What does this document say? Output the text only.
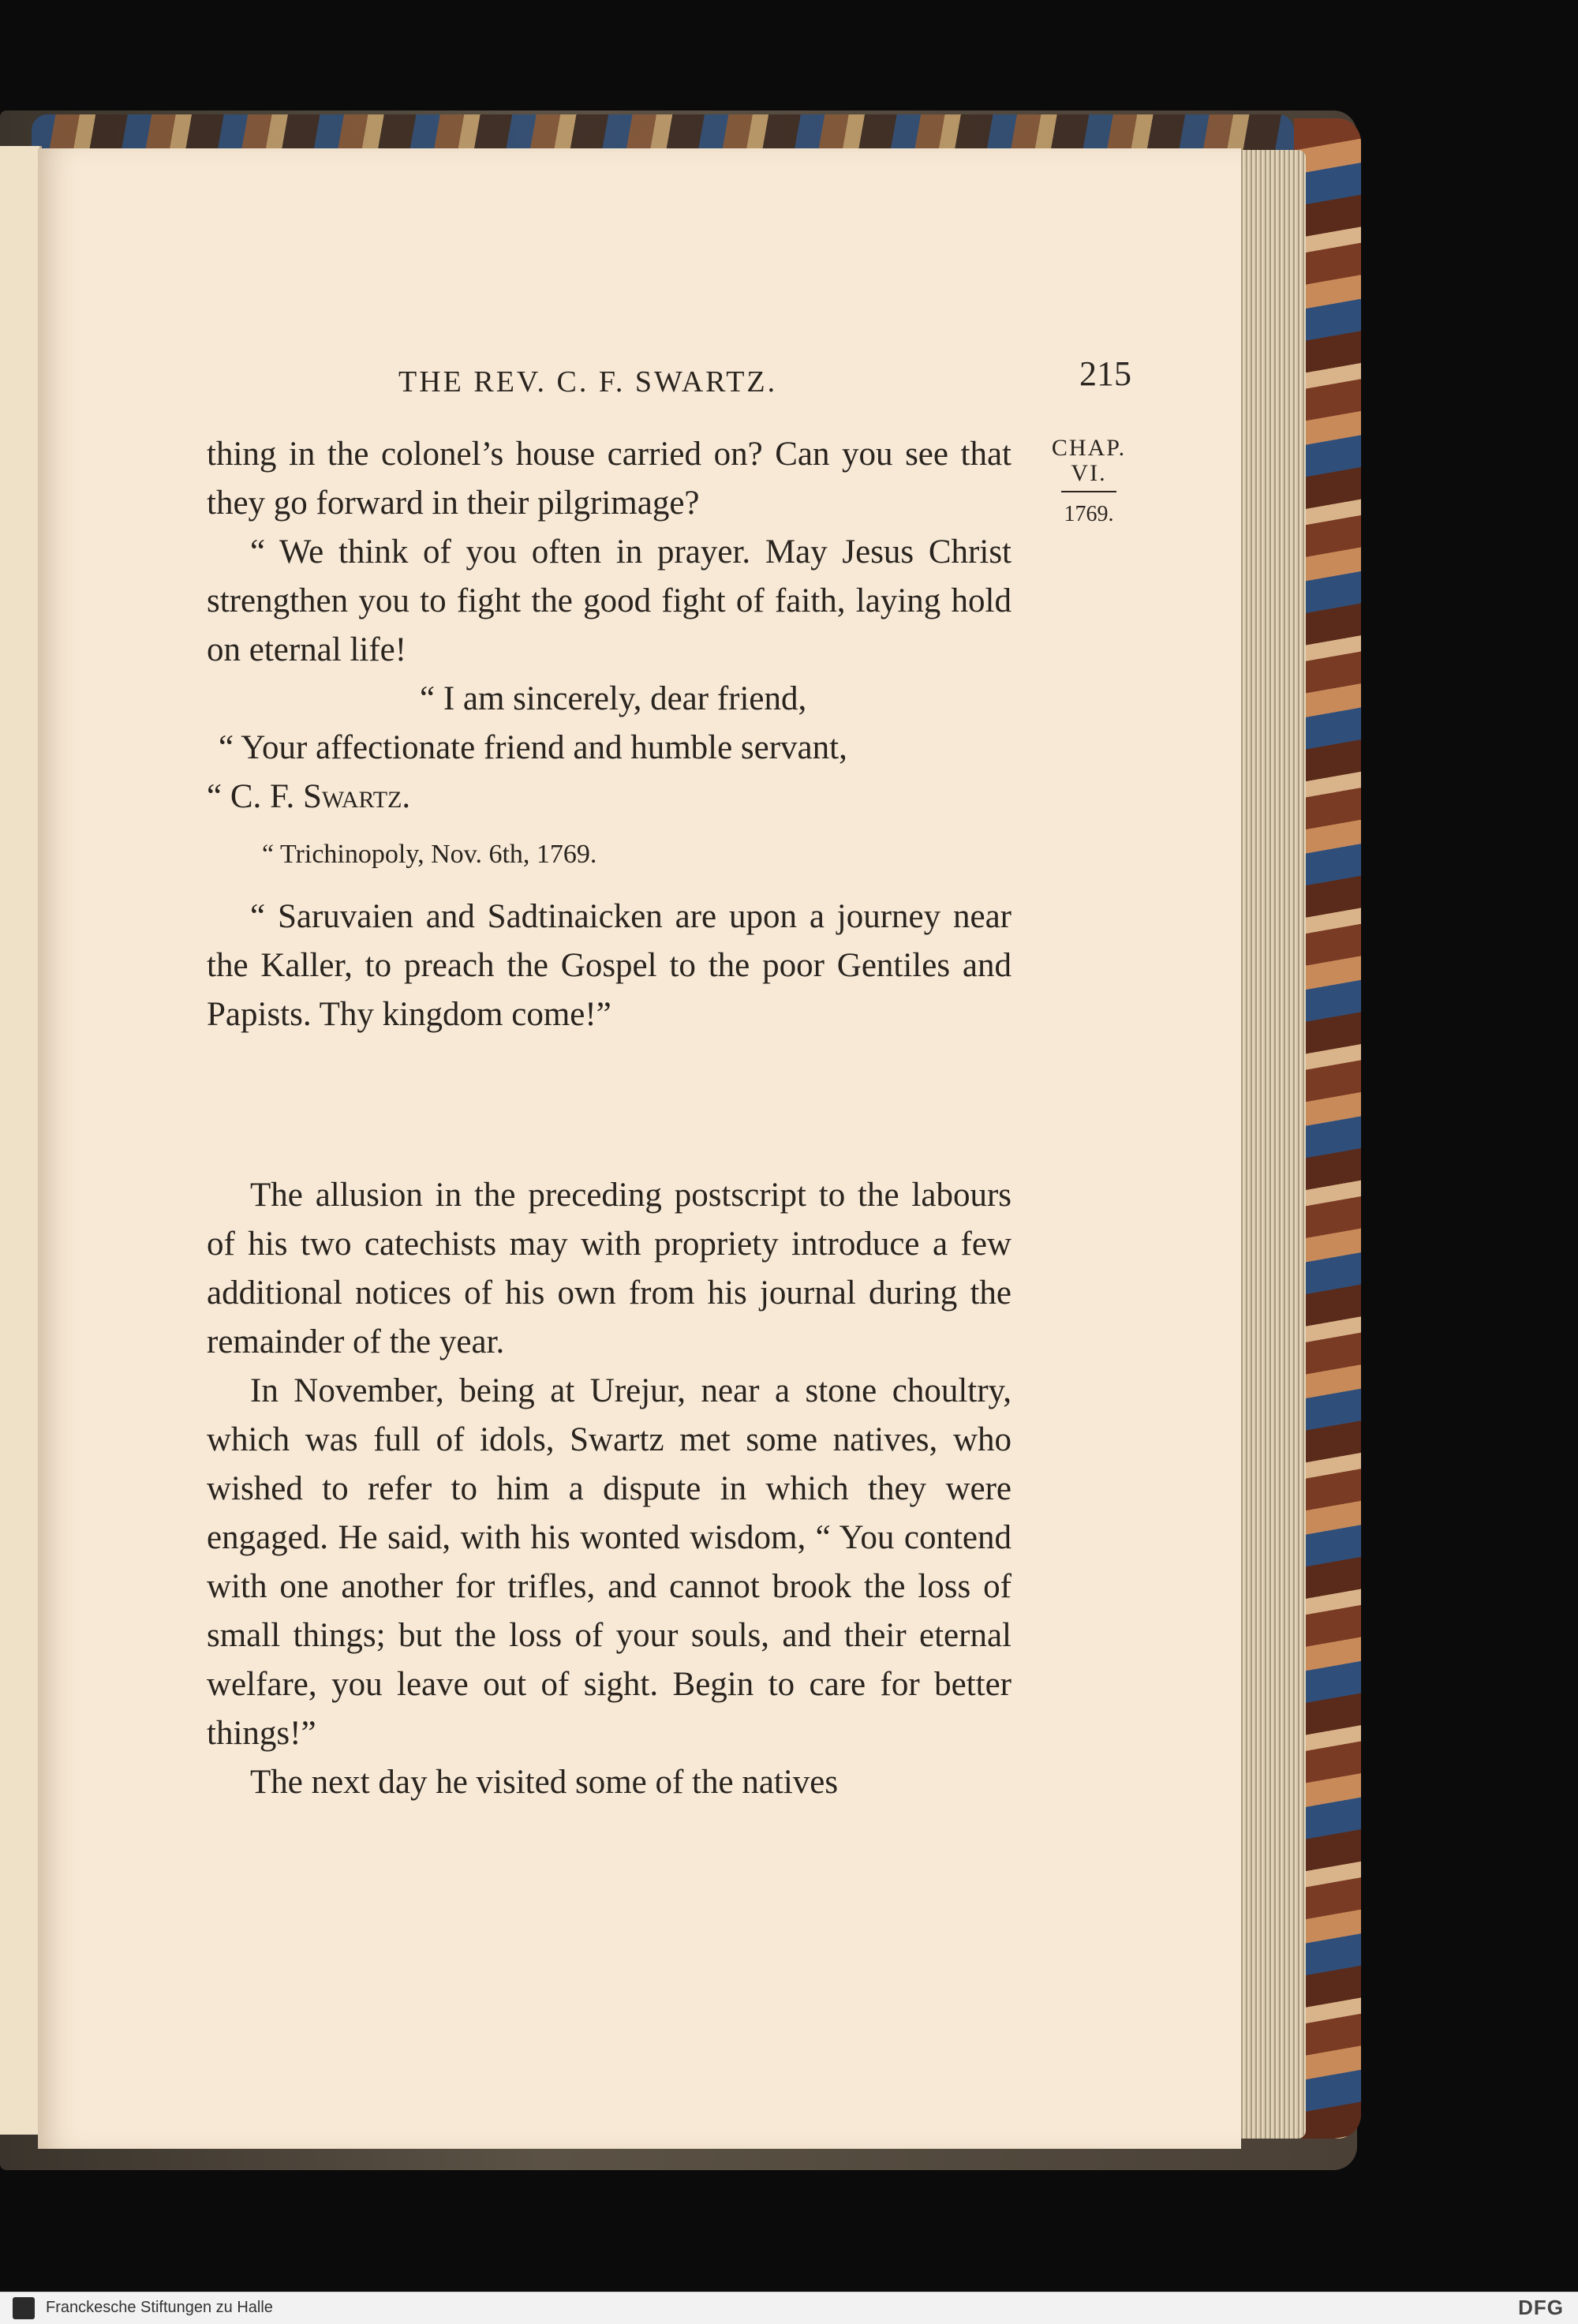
THE REV. C. F. SWARTZ.	215
CHAP.
VI.
1769.

thing in the colonel’s house carried on? Can you see that they go forward in their pilgrimage?

“ We think of you often in prayer. May Jesus Christ strengthen you to fight the good fight of faith, laying hold on eternal life!

“ I am sincerely, dear friend,

“ Your affectionate friend and humble servant,

“ C. F. Swartz.

“ Trichinopoly, Nov. 6th, 1769.

“ Saruvaien and Sadtinaicken are upon a journey near the Kaller, to preach the Gospel to the poor Gentiles and Papists. Thy kingdom come!”

The allusion in the preceding postscript to the labours of his two catechists may with propriety introduce a few additional notices of his own from his journal during the remainder of the year.

In November, being at Urejur, near a stone choultry, which was full of idols, Swartz met some natives, who wished to refer to him a dispute in which they were engaged. He said, with his wonted wisdom, “ You contend with one another for trifles, and cannot brook the loss of small things; but the loss of your souls, and their eternal welfare, you leave out of sight. Begin to care for better things!”

The next day he visited some of the natives

Franckesche Stiftungen zu Halle	DFG
